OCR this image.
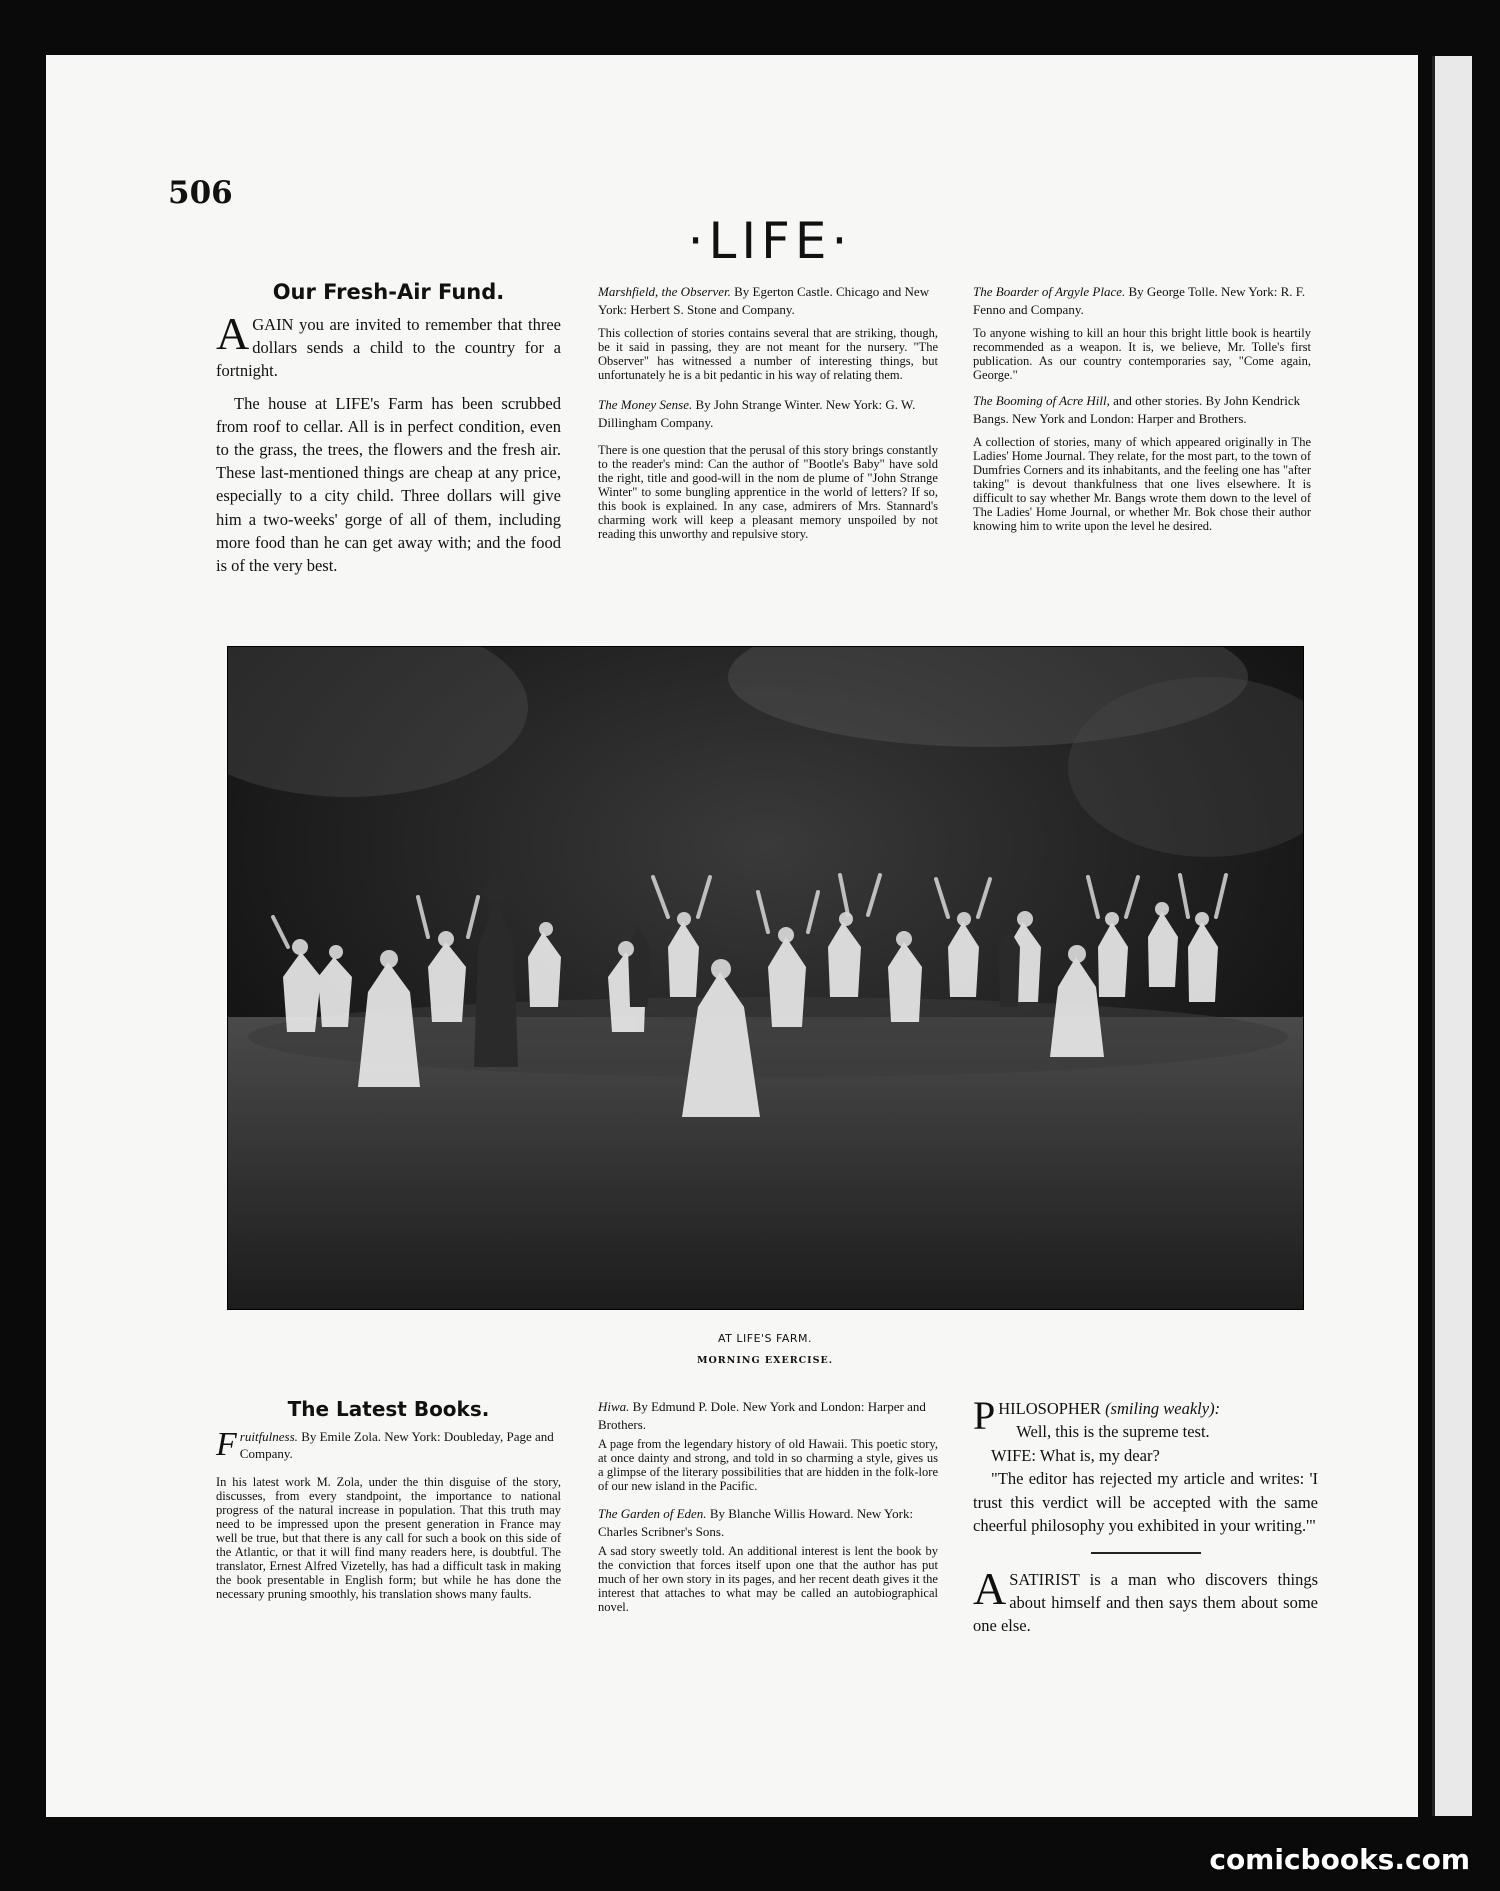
506
·LIFE·
Our Fresh-Air Fund.

AGAIN you are invited to remember that three dollars sends a child to the country for a fortnight.

The house at LIFE's Farm has been scrubbed from roof to cellar. All is in perfect condition, even to the grass, the trees, the flowers and the fresh air. These last-mentioned things are cheap at any price, especially to a city child. Three dollars will give him a two-weeks' gorge of all of them, including more food than he can get away with; and the food is of the very best.

Marshfield, the Observer. By Egerton Castle. Chicago and New York: Herbert S. Stone and Company.

This collection of stories contains several that are striking, though, be it said in passing, they are not meant for the nursery. "The Observer" has witnessed a number of interesting things, but unfortunately he is a bit pedantic in his way of relating them.

The Money Sense. By John Strange Winter. New York: G. W. Dillingham Company.

There is one question that the perusal of this story brings constantly to the reader's mind: Can the author of "Bootle's Baby" have sold the right, title and good-will in the nom de plume of "John Strange Winter" to some bungling apprentice in the world of letters? If so, this book is explained. In any case, admirers of Mrs. Stannard's charming work will keep a pleasant memory unspoiled by not reading this unworthy and repulsive story.

The Boarder of Argyle Place. By George Tolle. New York: R. F. Fenno and Company.

To anyone wishing to kill an hour this bright little book is heartily recommended as a weapon. It is, we believe, Mr. Tolle's first publication. As our country contemporaries say, "Come again, George."

The Booming of Acre Hill, and other stories. By John Kendrick Bangs. New York and London: Harper and Brothers.

A collection of stories, many of which appeared originally in The Ladies' Home Journal. They relate, for the most part, to the town of Dumfries Corners and its inhabitants, and the feeling one has "after taking" is devout thankfulness that one lives elsewhere. It is difficult to say whether Mr. Bangs wrote them down to the level of The Ladies' Home Journal, or whether Mr. Bok chose their author knowing him to write upon the level he desired.

AT LIFE'S FARM.
MORNING EXERCISE.
The Latest Books.

Fruitfulness. By Emile Zola. New York: Doubleday, Page and Company.

In his latest work M. Zola, under the thin disguise of the story, discusses, from every standpoint, the importance to national progress of the natural increase in population. That this truth may need to be impressed upon the present generation in France may well be true, but that there is any call for such a book on this side of the Atlantic, or that it will find many readers here, is doubtful. The translator, Ernest Alfred Vizetelly, has had a difficult task in making the book presentable in English form; but while he has done the necessary pruning smoothly, his translation shows many faults.

Hiwa. By Edmund P. Dole. New York and London: Harper and Brothers.

A page from the legendary history of old Hawaii. This poetic story, at once dainty and strong, and told in so charming a style, gives us a glimpse of the literary possibilities that are hidden in the folk-lore of our new island in the Pacific.

The Garden of Eden. By Blanche Willis Howard. New York: Charles Scribner's Sons.

A sad story sweetly told. An additional interest is lent the book by the conviction that forces itself upon one that the author has put much of her own story in its pages, and her recent death gives it the interest that attaches to what may be called an autobiographical novel.

PHILOSOPHER (smiling weakly):
Well, this is the supreme test.

WIFE: What is, my dear?

"The editor has rejected my article and writes: 'I trust this verdict will be accepted with the same cheerful philosophy you exhibited in your writing.'"

ASATIRIST is a man who discovers things about himself and then says them about some one else.

comicbooks.com
